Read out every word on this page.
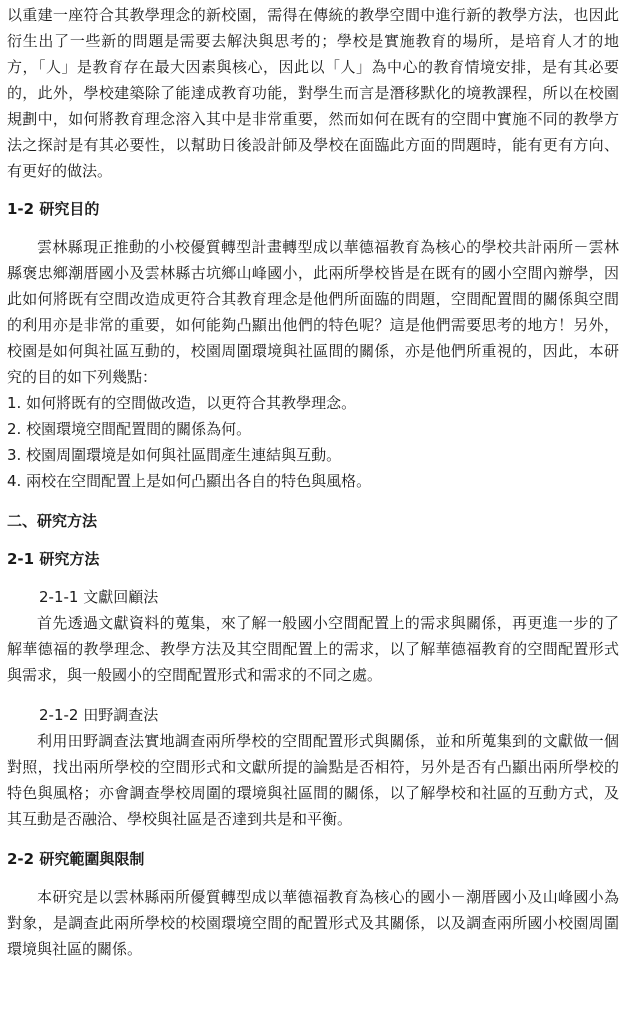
以重建一座符合其教學理念的新校園，需得在傳統的教學空間中進行新的教學方法，也因此衍生出了一些新的問題是需要去解決與思考的；學校是實施教育的場所，是培育人才的地方，「人」是教育存在最大因素與核心，因此以「人」為中心的教育情境安排，是有其必要的，此外，學校建築除了能達成教育功能，對學生而言是潛移默化的境教課程，所以在校園規劃中，如何將教育理念溶入其中是非常重要，然而如何在既有的空間中實施不同的教學方法之探討是有其必要性，以幫助日後設計師及學校在面臨此方面的問題時，能有更有方向、有更好的做法。

1-2 研究目的

雲林縣現正推動的小校優質轉型計畫轉型成以華德福教育為核心的學校共計兩所－雲林縣褒忠鄉潮厝國小及雲林縣古坑鄉山峰國小，此兩所學校皆是在既有的國小空間內辦學，因此如何將既有空間改造成更符合其教育理念是他們所面臨的問題，空間配置間的關係與空間的利用亦是非常的重要，如何能夠凸顯出他們的特色呢？這是他們需要思考的地方！另外，校園是如何與社區互動的，校園周圍環境與社區間的關係，亦是他們所重視的，因此，本研究的目的如下列幾點：

1. 如何將既有的空間做改造，以更符合其教學理念。
2. 校園環境空間配置間的關係為何。
3. 校園周圍環境是如何與社區間產生連結與互動。
4. 兩校在空間配置上是如何凸顯出各自的特色與風格。
二、研究方法
2-1 研究方法
2-1-1 文獻回顧法

首先透過文獻資料的蒐集，來了解一般國小空間配置上的需求與關係，再更進一步的了解華德福的教學理念、教學方法及其空間配置上的需求，以了解華德福教育的空間配置形式與需求，與一般國小的空間配置形式和需求的不同之處。

2-1-2 田野調查法

利用田野調查法實地調查兩所學校的空間配置形式與關係，並和所蒐集到的文獻做一個對照，找出兩所學校的空間形式和文獻所提的論點是否相符，另外是否有凸顯出兩所學校的特色與風格；亦會調查學校周圍的環境與社區間的關係，以了解學校和社區的互動方式，及其互動是否融洽、學校與社區是否達到共是和平衡。

2-2 研究範圍與限制

本研究是以雲林縣兩所優質轉型成以華德福教育為核心的國小－潮厝國小及山峰國小為對象，是調查此兩所學校的校園環境空間的配置形式及其關係，以及調查兩所國小校園周圍環境與社區的關係。
